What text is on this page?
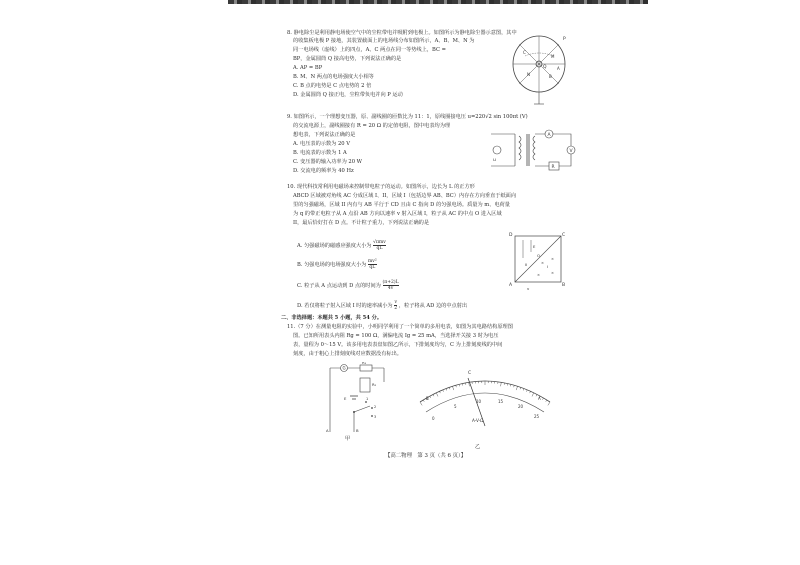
8. 静电除尘是利用静电场使空气中的尘粒带电并吸附到电极上。如图所示为静电除尘器示意图，其中
的收集板电极 P 接地，其装置截面上的电场线分布如图所示，A、B、M、N 为
同一电场线（虚线）上的四点，A、C 两点在同一等势线上，BC =
BP，金属圆筒 Q 接高电势，下列说法正确的是
A. AP = BP
B. M、N 两点的电场强度大小相等
C. B 点的电势是 C 点电势的 2 倍
D. 金属圆筒 Q 接正电，尘粒带负电并向 P 运动
P
Q
M
N
A
B
C
9. 如图所示，一个理想变压器，原、副线圈的匝数比为 11：1，原线圈接电压 u=220√2 sin 100πt (V)
的交流电源上，副线圈接有 R = 20 Ω 的定值电阻，图中电表均为理
想电表，下列说法正确的是
A. 电压表的示数为 20 V
B. 电流表的示数为 1 A
C. 变压器的输入功率为 20 W
D. 交流电的频率为 40 Hz
u
A
V
R
10. 现代科技常利用电磁场来控制带电粒子的运动。如图所示，边长为 L 的正方形
ABCD 区域被对角线 AC 分成区域 I、II，区域 I（包括边界 AB、BC）内存在方向垂直于纸面向
里的匀强磁场，区域 II 内有与 AB 平行于 CD 且由 C 指向 D 的匀强电场。质量为 m、电荷量
为 q 的带正电粒子从 A 点沿 AB 方向以速率 v 射入区域 I，粒子从 AC 的中点 O 进入区域
II，最后恰好打在 D 点。不计粒子重力，下列说法正确的是
A. 匀强磁场的磁感应强度大小为
√πmv
qL
B. 匀强电场的电场强度大小为 $\frac{\text{mv²}}{qL}$
C. 粒子从 A 点运动到 D 点的时间为 $\frac{(\pi+2)L}{4v}$
D. 若仅将粒子射入区域 I 时的速率减小为 $\frac{v}{2}$ ，粒子将从 AD 边的中点射出
×
×
×
×
A	B
C
D
O
I
II
E
v
二、非选择题：本题共 5 小题，共 54 分。
11.（7 分）在测量电阻的实验中，小明同学利用了一个简单的多用电表，如图为其电路结构原理图
图。已知所用表头内阻 Rg = 100 Ω，满偏电流 Ig = 25 mA，当选择开关接 3 时为电压
表，量程为 0～15 V。该多用电表表盘如图乙所示，下排刻度均匀，C 为上排刻度线的中间
刻度，由于粗心上排刻度线对应数据没有标出。
G
R₁
R₂
E	1
2
3
A	B
甲
C
B	A
A-V-Ω
0
5
10	15
20
25
乙
【高二物理　第 3 页（共 6 页）】
